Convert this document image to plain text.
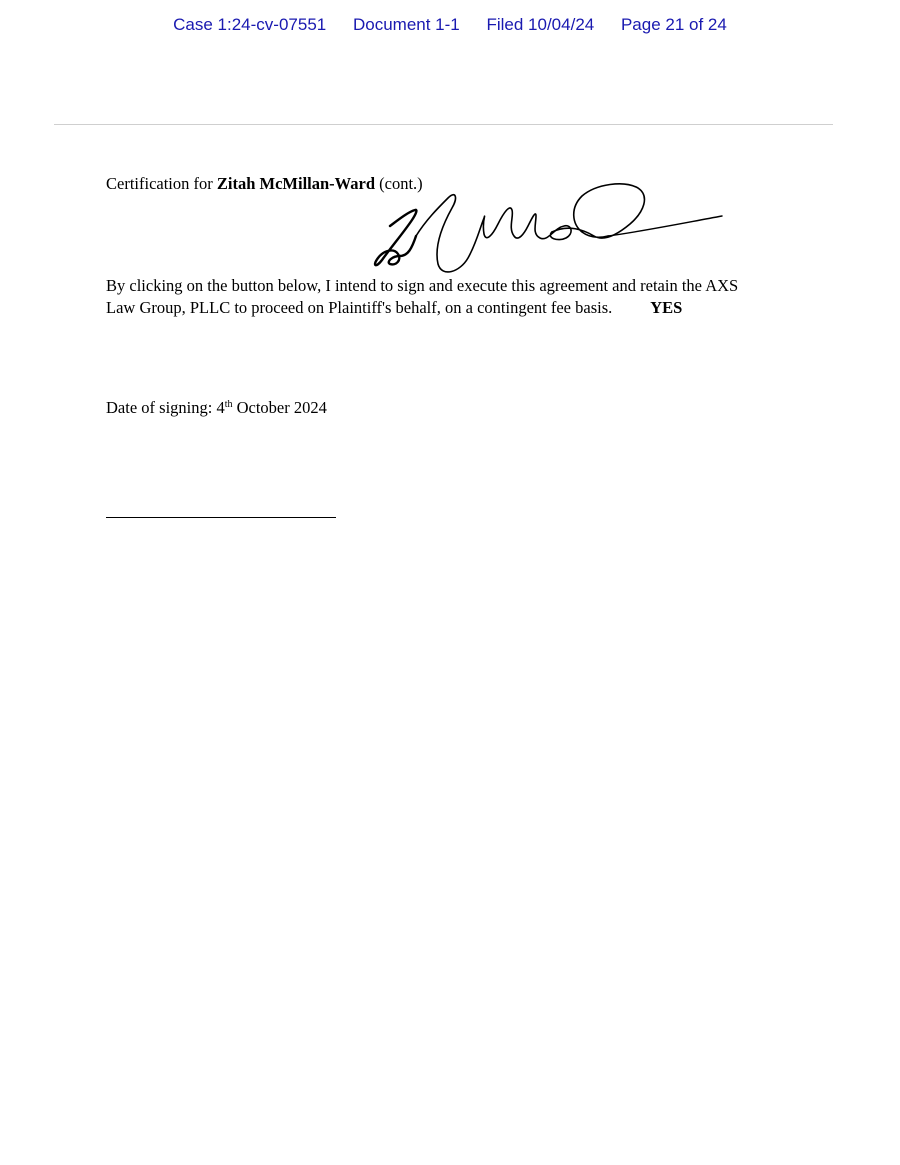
Case 1:24-cv-07551 Document 1-1 Filed 10/04/24 Page 21 of 24
Certification for Zitah McMillan-Ward (cont.)
By clicking on the button below, I intend to sign and execute this agreement and retain the AXS
Law Group, PLLC to proceed on Plaintiff's behalf, on a contingent fee basis. YES
Date of signing: 4th October 2024
